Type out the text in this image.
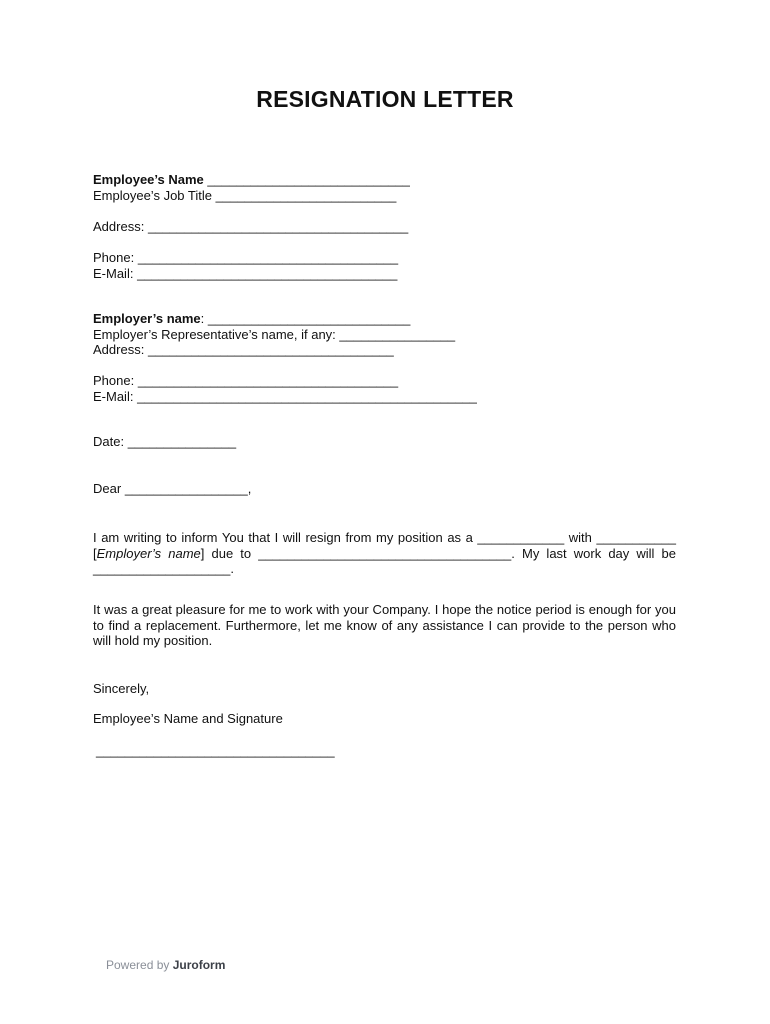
RESIGNATION LETTER
Employee’s Name ____________________________
Employee’s Job Title _________________________
Address: ____________________________________
Phone: ____________________________________
E-Mail: ____________________________________
Employer’s name: ____________________________
Employer’s Representative’s name, if any: ________________
Address: __________________________________
Phone: ____________________________________
E-Mail: _______________________________________________
Date: _______________
Dear _________________,
I am writing to inform You that I will resign from my position as a ____________ with ___________ [Employer’s name] due to ___________________________________. My last work day will be ___________________.
It was a great pleasure for me to work with your Company. I hope the notice period is enough for you to find a replacement. Furthermore, let me know of any assistance I can provide to the person who will hold my position.
Sincerely,
Employee’s Name and Signature
_________________________________
Powered by Juroform
